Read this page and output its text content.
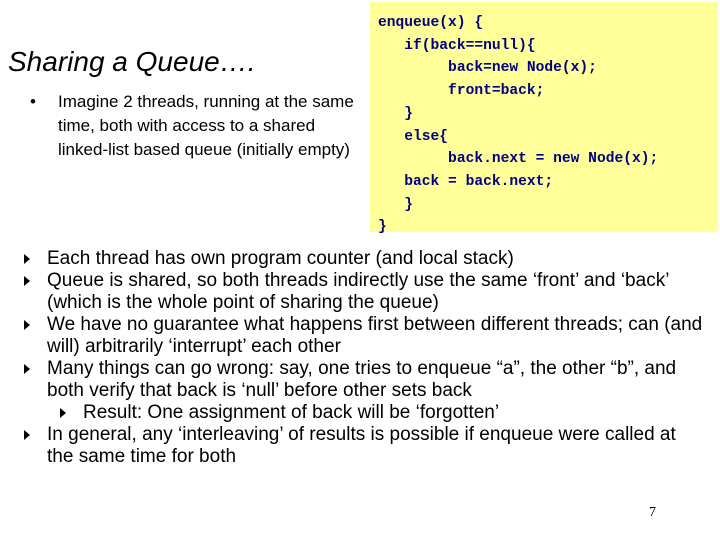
Sharing a Queue….
• Imagine 2 threads, running at the same time, both with access to a shared linked-list based queue (initially empty)
enqueue(x) {
if(back==null){
back=new Node(x);
front=back;
}
else{
back.next = new Node(x);
back = back.next;
}
}
Each thread has own program counter (and local stack)
Queue is shared, so both threads indirectly use the same ‘front’ and ‘back’ (which is the whole point of sharing the queue)
We have no guarantee what happens first between different threads; can (and will) arbitrarily ‘interrupt’ each other
Many things can go wrong: say, one tries to enqueue “a”, the other “b”, and both verify that back is ‘null’ before other sets back
Result: One assignment of back will be ‘forgotten’
In general, any ‘interleaving’ of results is possible if enqueue were called at the same time for both
7
